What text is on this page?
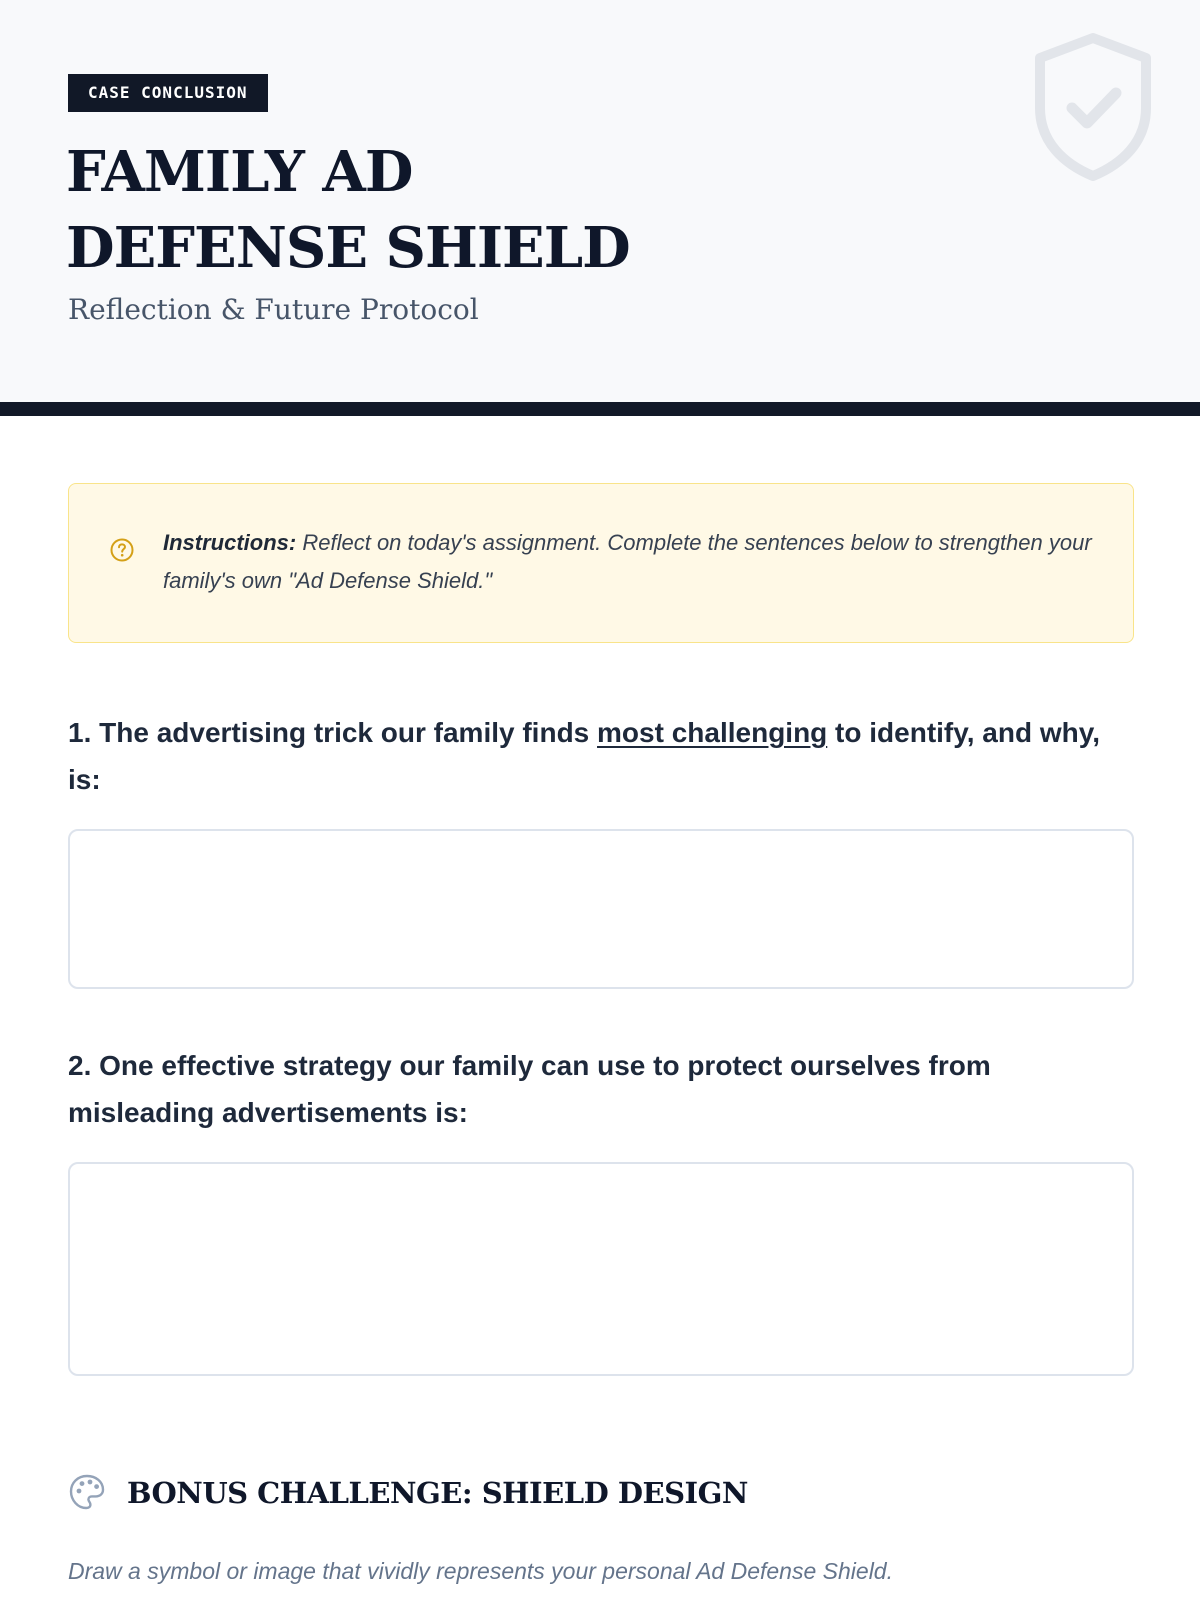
CASE CONCLUSION
FAMILY AD
DEFENSE SHIELD
Reflection & Future Protocol
Instructions: Reflect on today's assignment. Complete the sentences below to strengthen your family's own "Ad Defense Shield."

1. The advertising trick our family finds most challenging to identify, and why, is:

2. One effective strategy our family can use to protect ourselves from misleading advertisements is:

BONUS CHALLENGE: SHIELD DESIGN
Draw a symbol or image that vividly represents your personal Ad Defense Shield.
